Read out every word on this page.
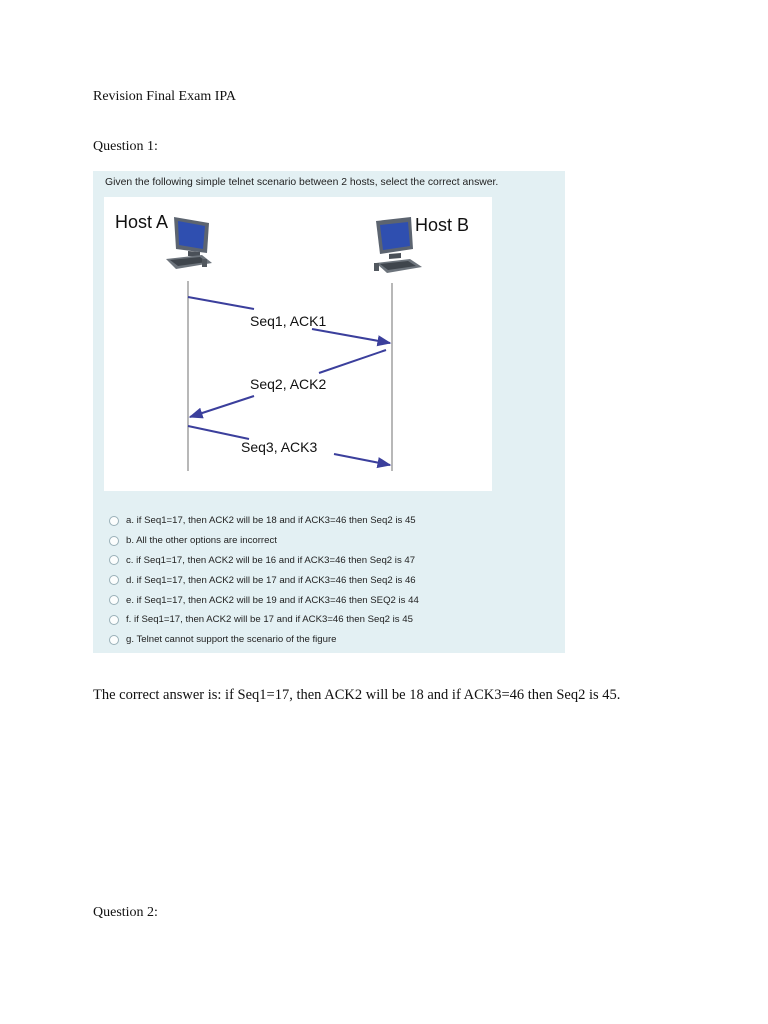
Revision Final Exam IPA
Question 1:
Given the following simple telnet scenario between 2 hosts, select the correct answer.
Host A	Host B
Seq1, ACK1
Seq2, ACK2
Seq3, ACK3
a. if Seq1=17, then ACK2 will be 18 and if ACK3=46 then Seq2 is 45
b. All the other options are incorrect
c. if Seq1=17, then ACK2 will be 16 and if ACK3=46 then Seq2 is 47
d. if Seq1=17, then ACK2 will be 17 and if ACK3=46 then Seq2 is 46
e. if Seq1=17, then ACK2 will be 19 and if ACK3=46 then SEQ2 is 44
f. if Seq1=17, then ACK2 will be 17 and if ACK3=46 then Seq2 is 45
g. Telnet cannot support the scenario of the figure
The correct answer is: if Seq1=17, then ACK2 will be 18 and if ACK3=46 then Seq2 is 45.
Question 2:
